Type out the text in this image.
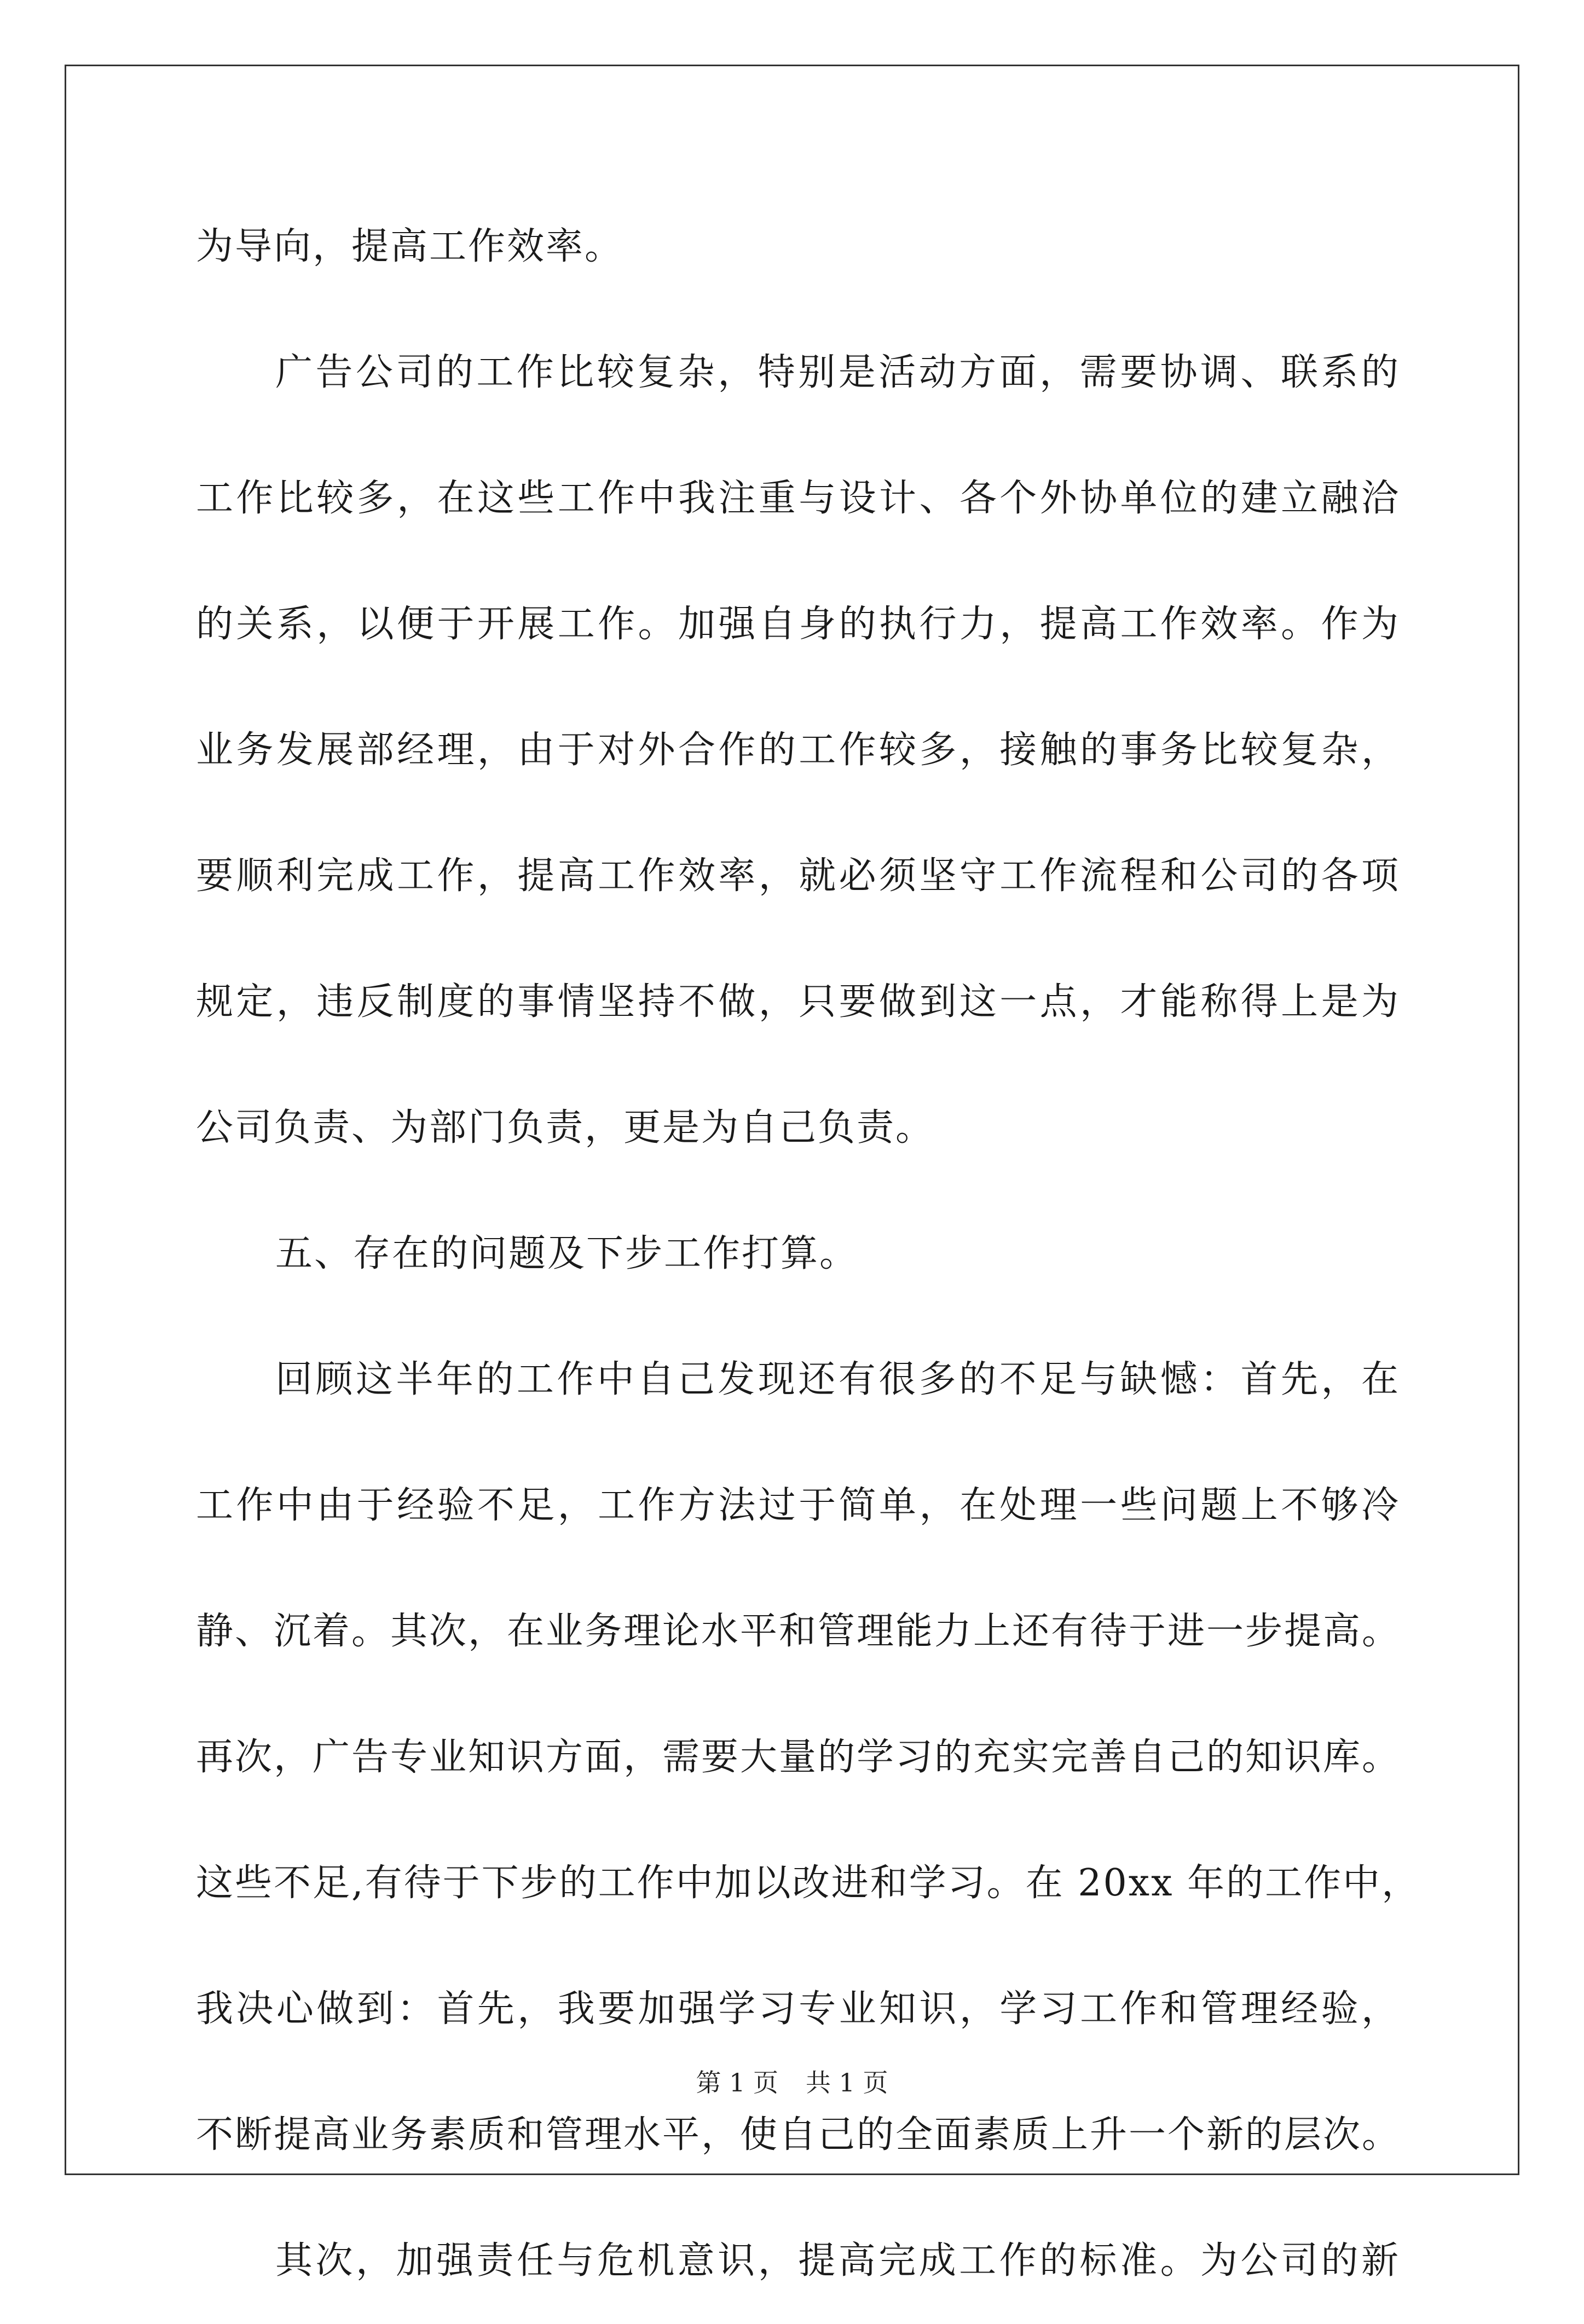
为导向，提高工作效率。
广告公司的工作比较复杂，特别是活动方面，需要协调、联系的
工作比较多，在这些工作中我注重与设计、各个外协单位的建立融洽
的关系，以便于开展工作。加强自身的执行力，提高工作效率。作为
业务发展部经理，由于对外合作的工作较多，接触的事务比较复杂，
要顺利完成工作，提高工作效率，就必须坚守工作流程和公司的各项
规定，违反制度的事情坚持不做，只要做到这一点，才能称得上是为
公司负责、为部门负责，更是为自己负责。
五、存在的问题及下步工作打算。
回顾这半年的工作中自己发现还有很多的不足与缺憾：首先，在
工作中由于经验不足，工作方法过于简单，在处理一些问题上不够冷
静、沉着。其次，在业务理论水平和管理能力上还有待于进一步提高。
再次，广告专业知识方面，需要大量的学习的充实完善自己的知识库。
这些不足,有待于下步的工作中加以改进和学习。在 20xx 年的工作中，
我决心做到：首先，我要加强学习专业知识，学习工作和管理经验，
不断提高业务素质和管理水平，使自己的全面素质上升一个新的层次。
其次，加强责任与危机意识，提高完成工作的标准。为公司的新
第 1 页 共 1 页
